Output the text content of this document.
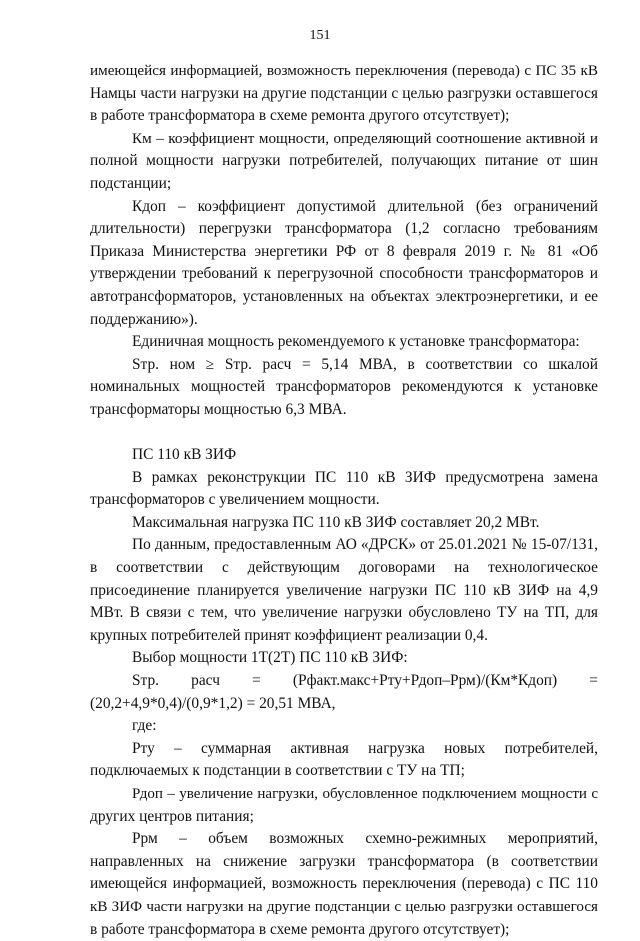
151
имеющейся информацией, возможность переключения (перевода) с ПС 35 кВ
Намцы части нагрузки на другие подстанции с целью разгрузки оставшегося
в работе трансформатора в схеме ремонта другого отсутствует);
Км – коэффициент мощности, определяющий соотношение активной и
полной мощности нагрузки потребителей, получающих питание от шин
подстанции;
Кдоп – коэффициент допустимой длительной (без ограничений
длительности) перегрузки трансформатора (1,2 согласно требованиям
Приказа Министерства энергетики РФ от 8 февраля 2019 г. № 81 «Об
утверждении требований к перегрузочной способности трансформаторов и
автотрансформаторов, установленных на объектах электроэнергетики, и ее
поддержанию»).
Единичная мощность рекомендуемого к установке трансформатора:
Sтр. ном ≥ Sтр. расч = 5,14 МВА, в соответствии со шкалой
номинальных мощностей трансформаторов рекомендуются к установке
трансформаторы мощностью 6,3 МВА.
ПС 110 кВ ЗИФ
В рамках реконструкции ПС 110 кВ ЗИФ предусмотрена замена
трансформаторов с увеличением мощности.
Максимальная нагрузка ПС 110 кВ ЗИФ составляет 20,2 МВт.
По данным, предоставленным АО «ДРСК» от 25.01.2021 № 15-07/131,
в соответствии с действующим договорами на технологическое
присоединение планируется увеличение нагрузки ПС 110 кВ ЗИФ на 4,9
МВт. В связи с тем, что увеличение нагрузки обусловлено ТУ на ТП, для
крупных потребителей принят коэффициент реализации 0,4.
Выбор мощности 1Т(2Т) ПС 110 кВ ЗИФ:
Sтр. расч = (Рфакт.макс+Рту+Рдоп–Ррм)/(Км*Кдоп) =
(20,2+4,9*0,4)/(0,9*1,2) = 20,51 МВА,
где:
Рту – суммарная активная нагрузка новых потребителей,
подключаемых к подстанции в соответствии с ТУ на ТП;
Рдоп – увеличение нагрузки, обусловленное подключением мощности с
других центров питания;
Ррм – объем возможных схемно-режимных мероприятий,
направленных на снижение загрузки трансформатора (в соответствии
имеющейся информацией, возможность переключения (перевода) с ПС 110
кВ ЗИФ части нагрузки на другие подстанции с целью разгрузки оставшегося
в работе трансформатора в схеме ремонта другого отсутствует);
